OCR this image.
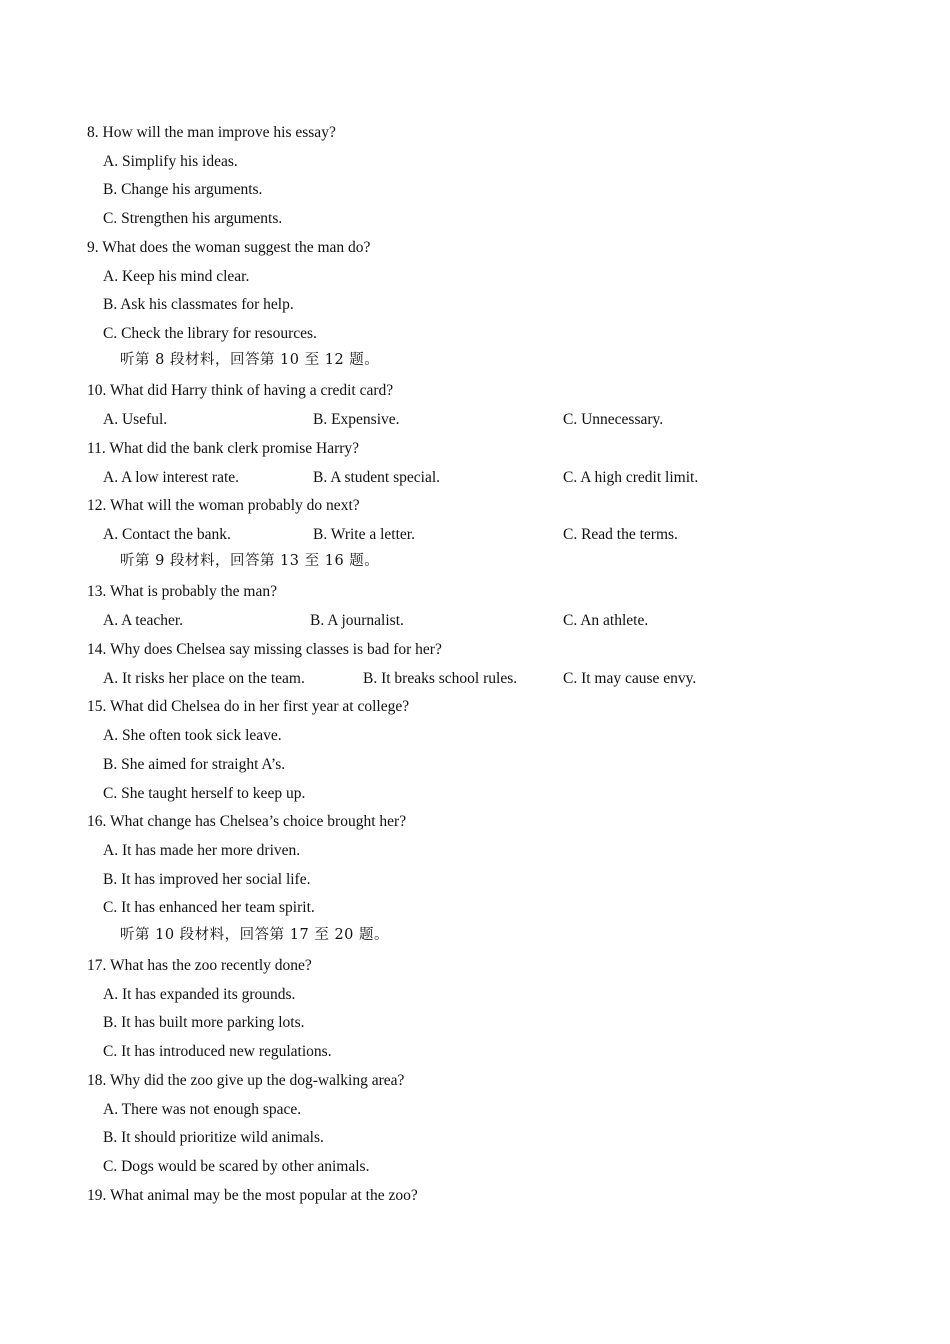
8. How will the man improve his essay?
A. Simplify his ideas.
B. Change his arguments.
C. Strengthen his arguments.
9. What does the woman suggest the man do?
A. Keep his mind clear.
B. Ask his classmates for help.
C. Check the library for resources.
听第 8 段材料，回答第 10 至 12 题。
10. What did Harry think of having a credit card?
A. Useful.	B. Expensive.	C. Unnecessary.
11. What did the bank clerk promise Harry?
A. A low interest rate.	B. A student special.	C. A high credit limit.
12. What will the woman probably do next?
A. Contact the bank.	B. Write a letter.	C. Read the terms.
听第 9 段材料，回答第 13 至 16 题。
13. What is probably the man?
A. A teacher.	B. A journalist.	C. An athlete.
14. Why does Chelsea say missing classes is bad for her?
A. It risks her place on the team.	B. It breaks school rules.	C. It may cause envy.
15. What did Chelsea do in her first year at college?
A. She often took sick leave.
B. She aimed for straight A’s.
C. She taught herself to keep up.
16. What change has Chelsea’s choice brought her?
A. It has made her more driven.
B. It has improved her social life.
C. It has enhanced her team spirit.
听第 10 段材料，回答第 17 至 20 题。
17. What has the zoo recently done?
A. It has expanded its grounds.
B. It has built more parking lots.
C. It has introduced new regulations.
18. Why did the zoo give up the dog-walking area?
A. There was not enough space.
B. It should prioritize wild animals.
C. Dogs would be scared by other animals.
19. What animal may be the most popular at the zoo?
